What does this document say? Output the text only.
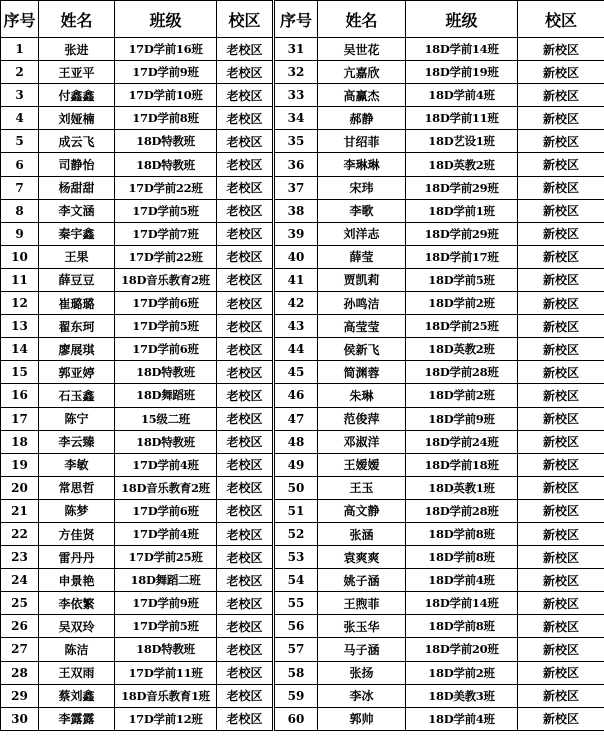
序号	姓名	班级	校区	序号	姓名	班级	校区
1	张进	17D学前16班	老校区	31	吴世花	18D学前14班	新校区
2	王亚平	17D学前9班	老校区	32	亢嘉欣	18D学前19班	新校区
3	付鑫鑫	17D学前10班	老校区	33	高赢杰	18D学前4班	新校区
4	刘娅楠	17D学前8班	老校区	34	郝静	18D学前11班	新校区
5	成云飞	18D特教班	老校区	35	甘绍菲	18D艺设1班	新校区
6	司静怡	18D特教班	老校区	36	李琳琳	18D英教2班	新校区
7	杨甜甜	17D学前22班	老校区	37	宋玮	18D学前29班	新校区
8	李文涵	17D学前5班	老校区	38	李歌	18D学前1班	新校区
9	秦宇鑫	17D学前7班	老校区	39	刘洋志	18D学前29班	新校区
10	王果	17D学前22班	老校区	40	薛莹	18D学前17班	新校区
11	薛豆豆	18D音乐教育2班	老校区	41	贾凯莉	18D学前5班	新校区
12	崔璐璐	17D学前6班	老校区	42	孙鸣洁	18D学前2班	新校区
13	翟东珂	17D学前5班	老校区	43	高莹莹	18D学前25班	新校区
14	廖展琪	17D学前6班	老校区	44	侯新飞	18D英教2班	新校区
15	郭亚婷	18D特教班	老校区	45	简渊蓉	18D学前28班	新校区
16	石玉鑫	18D舞蹈班	老校区	46	朱琳	18D学前2班	新校区
17	陈宁	15级二班	老校区	47	范俊萍	18D学前9班	新校区
18	李云臻	18D特教班	老校区	48	邓淑洋	18D学前24班	新校区
19	李敏	17D学前4班	老校区	49	王嫒嫒	18D学前18班	新校区
20	常思哲	18D音乐教育2班	老校区	50	王玉	18D英教1班	新校区
21	陈梦	17D学前6班	老校区	51	高文静	18D学前28班	新校区
22	方佳贤	17D学前4班	老校区	52	张涵	18D学前8班	新校区
23	雷丹丹	17D学前25班	老校区	53	袁爽爽	18D学前8班	新校区
24	申景艳	18D舞蹈二班	老校区	54	姚子涵	18D学前4班	新校区
25	李依繁	17D学前9班	老校区	55	王煦菲	18D学前14班	新校区
26	吴双玲	17D学前5班	老校区	56	张玉华	18D学前8班	新校区
27	陈洁	18D特教班	老校区	57	马子涵	18D学前20班	新校区
28	王双雨	17D学前11班	老校区	58	张扬	18D学前2班	新校区
29	蔡刘鑫	18D音乐教育1班	老校区	59	李冰	18D美教3班	新校区
30	李露露	17D学前12班	老校区	60	郭帅	18D学前4班	新校区
